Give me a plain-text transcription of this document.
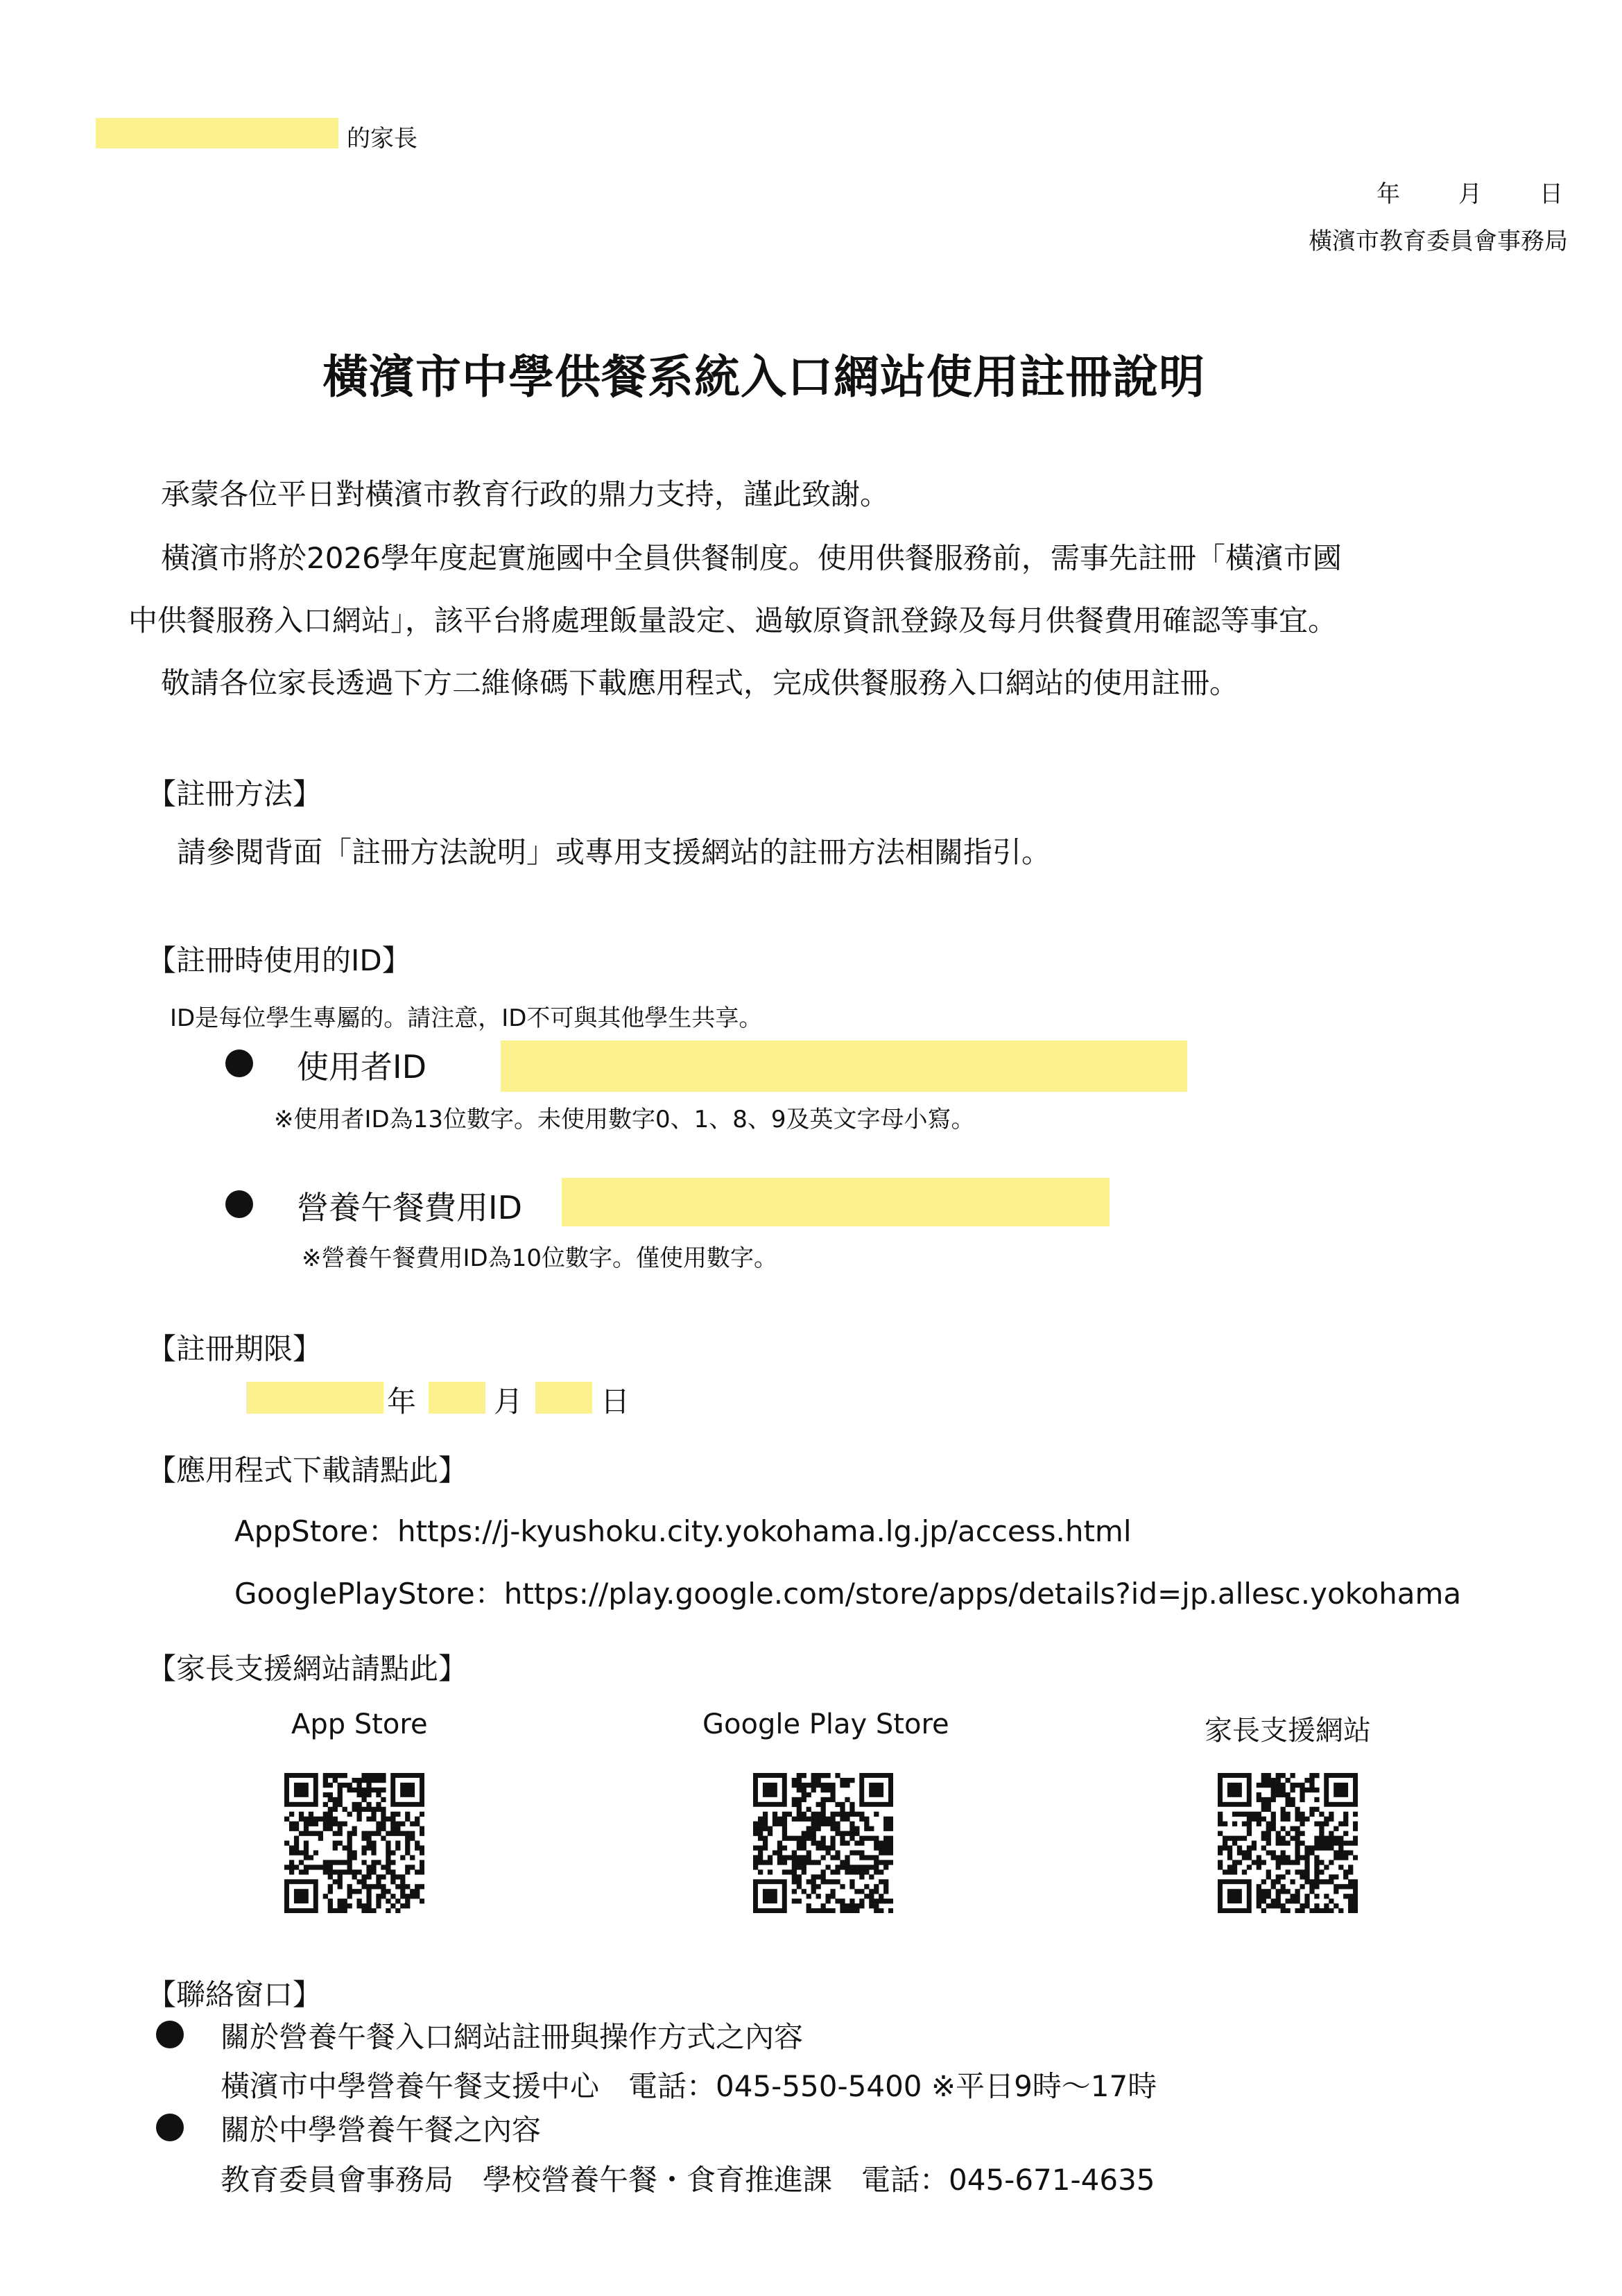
的家長
年 月 日
橫濱市教育委員會事務局
橫濱市中學供餐系統入口網站使用註冊說明
承蒙各位平日對橫濱市教育行政的鼎力支持，謹此致謝。
橫濱市將於2026學年度起實施國中全員供餐制度。使用供餐服務前，需事先註冊「橫濱市國
中供餐服務入口網站」，該平台將處理飯量設定、過敏原資訊登錄及每月供餐費用確認等事宜。
敬請各位家長透過下方二維條碼下載應用程式，完成供餐服務入口網站的使用註冊。
【註冊方法】
請參閱背面「註冊方法說明」或專用支援網站的註冊方法相關指引。
【註冊時使用的ID】
ID是每位學生專屬的。請注意，ID不可與其他學生共享。
使用者ID
※使用者ID為13位數字。未使用數字0、1、8、9及英文字母小寫。
營養午餐費用ID
※營養午餐費用ID為10位數字。僅使用數字。
【註冊期限】
年	月	日
【應用程式下載請點此】
AppStore：https://j-kyushoku.city.yokohama.lg.jp/access.html
GooglePlayStore：https://play.google.com/store/apps/details?id=jp.allesc.yokohama
【家長支援網站請點此】
App Store	Google Play Store	家長支援網站
【聯絡窗口】
關於營養午餐入口網站註冊與操作方式之內容
橫濱市中學營養午餐支援中心　電話：045-550-5400 ※平日9時～17時
關於中學營養午餐之內容
教育委員會事務局　學校營養午餐・食育推進課　電話：045-671-4635
